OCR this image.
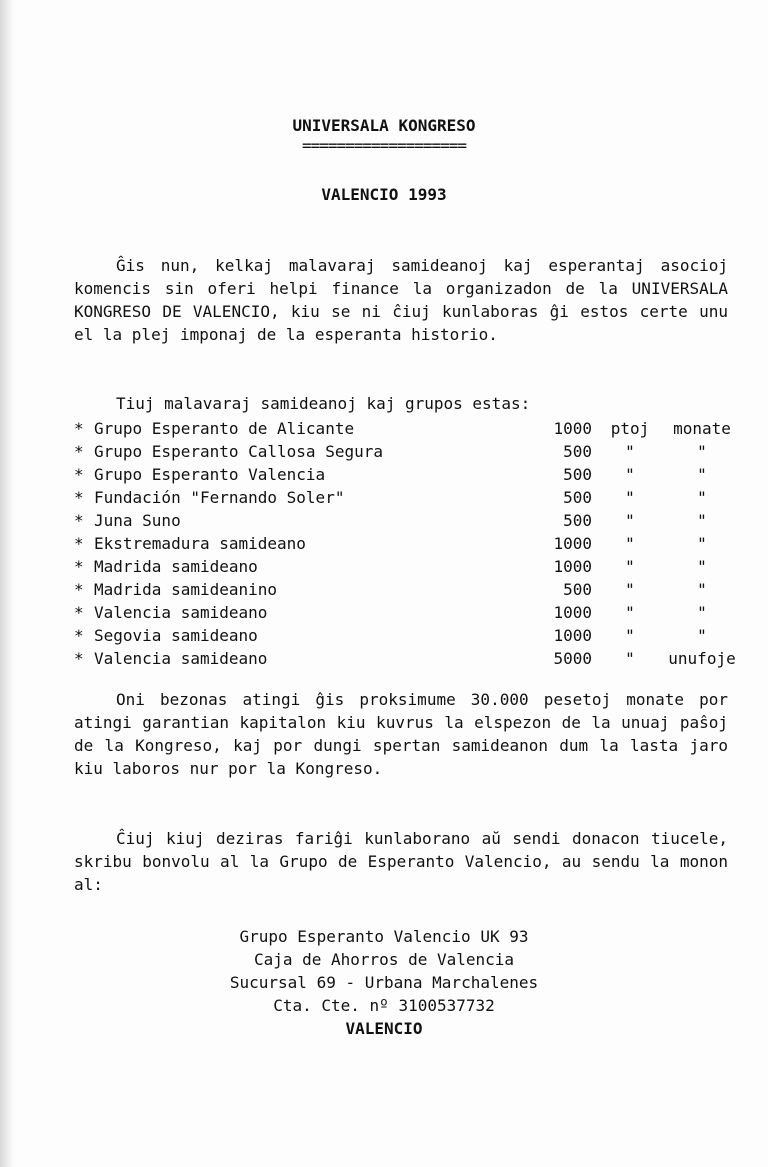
UNIVERSALA KONGRESO
===================
VALENCIO 1993

Ĝis nun, kelkaj malavaraj samideanoj kaj esperantaj asocioj komencis sin oferi helpi finance la organizadon de la UNIVERSALA KONGRESO DE VALENCIO, kiu se ni ĉiuj kunlaboras ĝi estos certe unu el la plej imponaj de la esperanta historio.

Tiuj malavaraj samideanoj kaj grupos estas:
* Grupo Esperanto de Alicante	1000	ptoj	monate
* Grupo Esperanto Callosa Segura	500	"	"
* Grupo Esperanto Valencia	500	"	"
* Fundación "Fernando Soler"	500	"	"
* Juna Suno	500	"	"
* Ekstremadura samideano	1000	"	"
* Madrida samideano	1000	"	"
* Madrida samideanino	500	"	"
* Valencia samideano	1000	"	"
* Segovia samideano	1000	"	"
* Valencia samideano	5000	"	unufoje

Oni bezonas atingi ĝis proksimume 30.000 pesetoj monate por atingi garantian kapitalon kiu kuvrus la elspezon de la unuaj paŝoj de la Kongreso, kaj por dungi spertan samideanon dum la lasta jaro kiu laboros nur por la Kongreso.

Ĉiuj kiuj deziras fariĝi kunlaborano aŭ sendi donacon tiucele, skribu bonvolu al la Grupo de Esperanto Valencio, au sendu la monon al:

Grupo Esperanto Valencio UK 93
Caja de Ahorros de Valencia
Sucursal 69 - Urbana Marchalenes
Cta. Cte. nº 3100537732
VALENCIO
